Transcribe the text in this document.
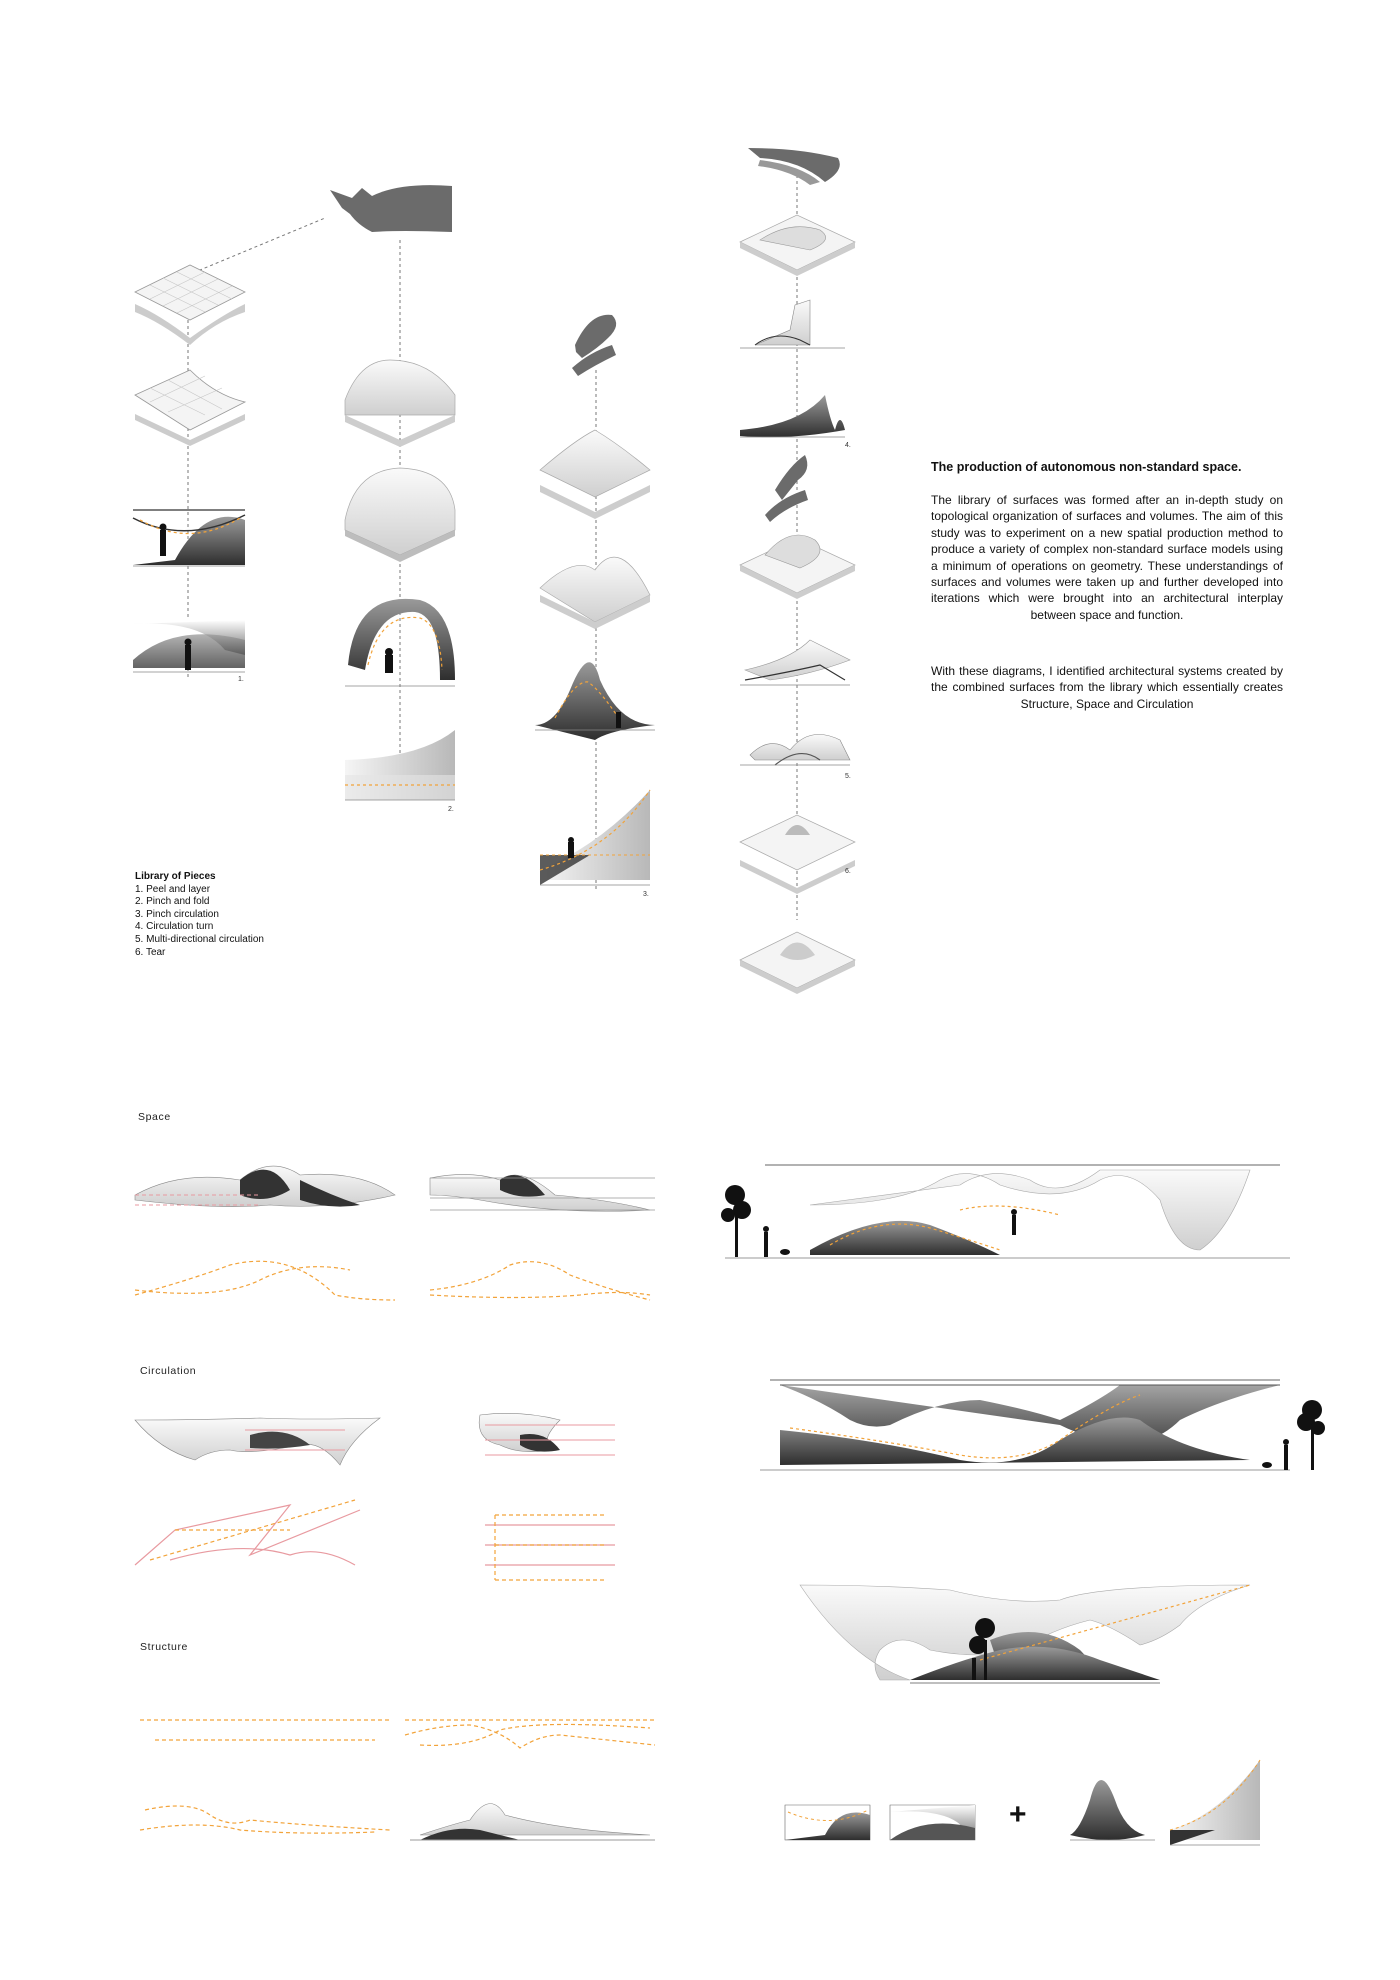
The production of autonomous non-standard space.
The library of surfaces was formed after an in-depth study on topological organization of surfaces and volumes. The aim of this study was to experiment on a new spatial production method to produce a variety of complex non-standard surface models using a minimum of operations on geometry. These understandings of surfaces and volumes were taken up and further developed into iterations which were brought into an architectural interplay between space and function.
With these diagrams, I identified architectural systems created by the combined surfaces from the library which essentially creates Structure, Space and Circulation
Library of Pieces
1. Peel and layer
2. Pinch and fold
3. Pinch circulation
4. Circulation turn
5. Multi-directional circulation
6. Tear
1.
2.
3.
4.
5.
6.
Space
Circulation
Structure
+
